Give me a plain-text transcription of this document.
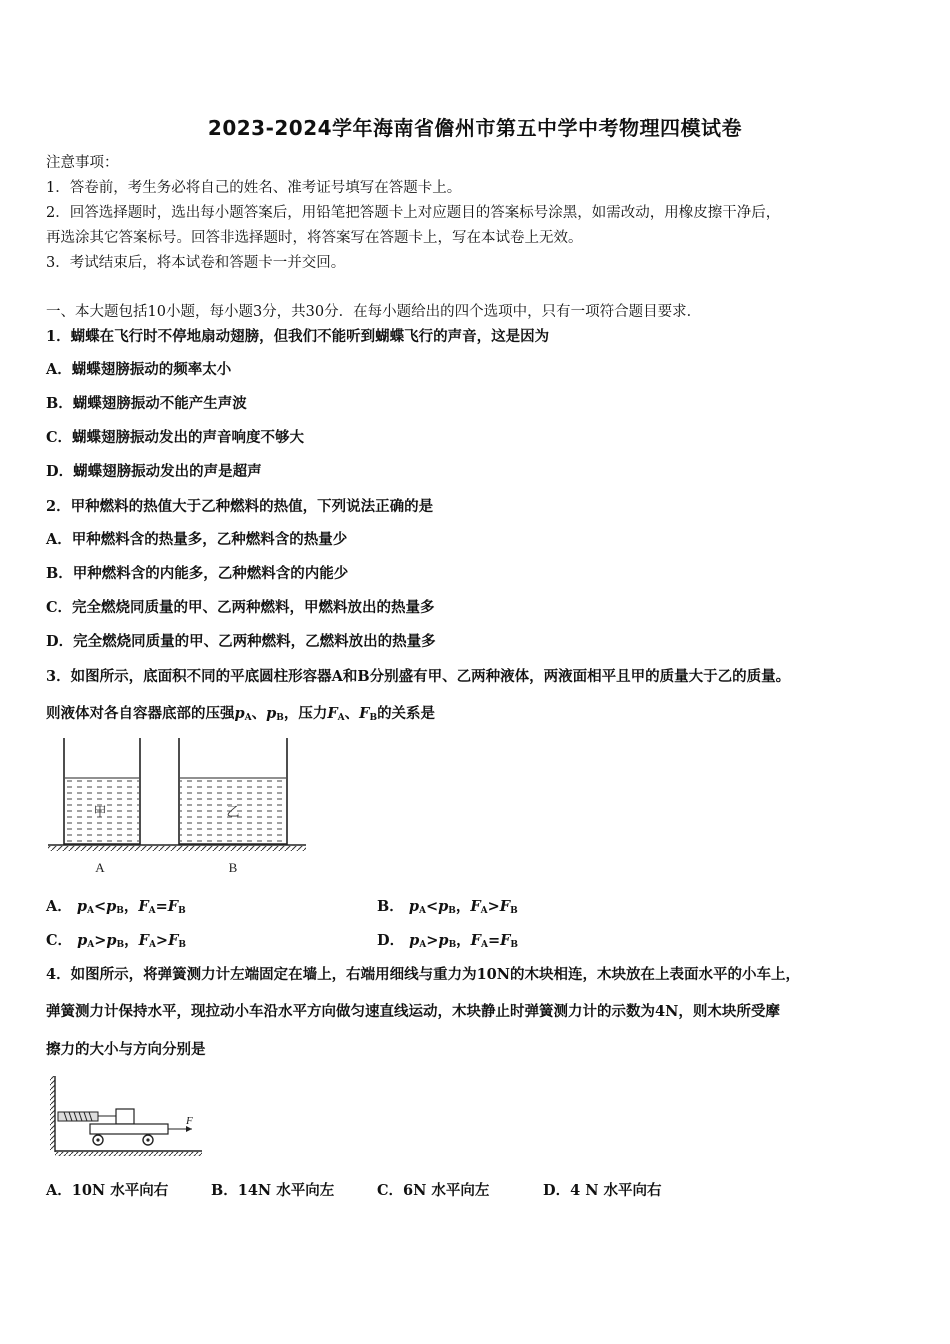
2023-2024学年海南省儋州市第五中学中考物理四模试卷
注意事项：
1．答卷前，考生务必将自己的姓名、准考证号填写在答题卡上。
2．回答选择题时，选出每小题答案后，用铅笔把答题卡上对应题目的答案标号涂黑，如需改动，用橡皮擦干净后，
再选涂其它答案标号。回答非选择题时，将答案写在答题卡上，写在本试卷上无效。
3．考试结束后，将本试卷和答题卡一并交回。
一、本大题包括10小题，每小题3分，共30分．在每小题给出的四个选项中，只有一项符合题目要求．
1．蝴蝶在飞行时不停地扇动翅膀，但我们不能听到蝴蝶飞行的声音，这是因为
A．蝴蝶翅膀振动的频率太小
B．蝴蝶翅膀振动不能产生声波
C．蝴蝶翅膀振动发出的声音响度不够大
D．蝴蝶翅膀振动发出的声是超声
2．甲种燃料的热值大于乙种燃料的热值，下列说法正确的是
A．甲种燃料含的热量多，乙种燃料含的热量少
B．甲种燃料含的内能多，乙种燃料含的内能少
C．完全燃烧同质量的甲、乙两种燃料，甲燃料放出的热量多
D．完全燃烧同质量的甲、乙两种燃料，乙燃料放出的热量多
3．如图所示，底面积不同的平底圆柱形容器A和B分别盛有甲、乙两种液体，两液面相平且甲的质量大于乙的质量。
则液体对各自容器底部的压强$p_A$、$p_B$，压力$F_A$、$F_B$的关系是
甲	乙
A	B
A． $p_A<p_B$，$F_A=F_B$	B． $p_A<p_B$，$F_A>F_B$
C． $p_A>p_B$，$F_A>F_B$	D． $p_A>p_B$，$F_A=F_B$
4．如图所示，将弹簧测力计左端固定在墙上，右端用细线与重力为10N的木块相连，木块放在上表面水平的小车上，
弹簧测力计保持水平，现拉动小车沿水平方向做匀速直线运动，木块静止时弹簧测力计的示数为4N，则木块所受摩
擦力的大小与方向分别是
F
A．10N 水平向右	B．14N 水平向左	C．6N 水平向左	D．4 N 水平向右
